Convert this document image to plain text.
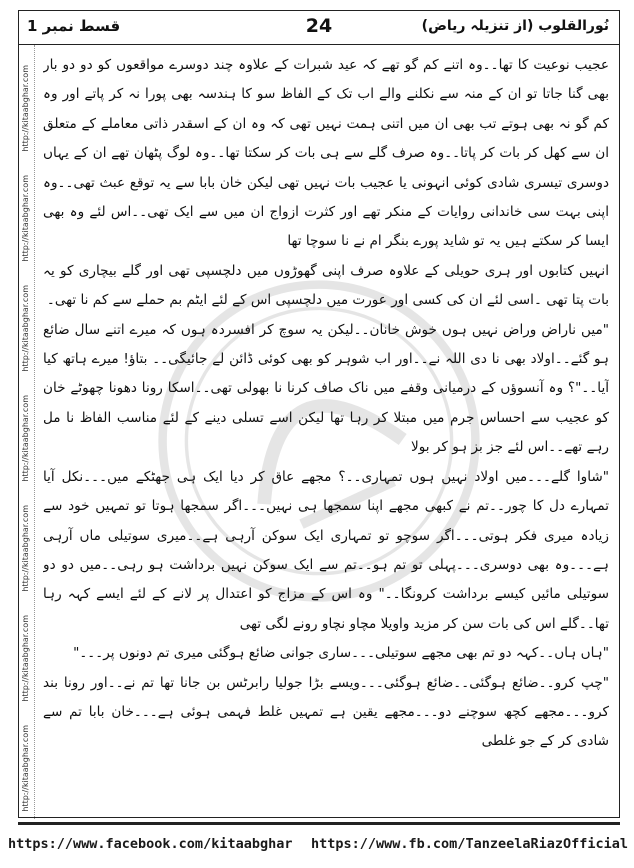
قسط نمبر 1	24	نُورالقلوب (از تنزیلہ ریاض)
http://kitaabghar.com
http://kitaabghar.com
http://kitaabghar.com
http://kitaabghar.com
http://kitaabghar.com
http://kitaabghar.com
http://kitaabghar.com

عجیب نوعیت کا تھا۔۔وہ اتنے کم گو تھے کہ عید شبرات کے علاوہ چند دوسرے مواقعوں کو دو دو بار بھی گنا جاتا تو ان کے منہ سے نکلنے والے اب تک کے الفاظ سو کا ہندسہ بھی پورا نہ کر پاتے اور وہ کم گو نہ بھی ہوتے تب بھی ان میں اتنی ہمت نہیں تھی کہ وہ ان کے اسقدر ذاتی معاملے کے متعلق ان سے کھل کر بات کر پاتا۔۔وہ صرف گلے سے ہی بات کر سکتا تھا۔۔وہ لوگ پٹھان تھے ان کے یہاں دوسری تیسری شادی کوئی انہونی یا عجیب بات نہیں تھی لیکن خان بابا سے یہ توقع عبث تھی۔۔وہ اپنی بہت سی خاندانی روایات کے منکر تھے اور کثرت ازواج ان میں سے ایک تھی۔۔اس لئے وہ بھی ایسا کر سکتے ہیں یہ تو شاید پورے بنگر ام نے نا سوچا تھا

انہیں کتابوں اور ہری حویلی کے علاوہ صرف اپنی گھوڑوں میں دلچسپی تھی اور گلے بیچاری کو یہ بات پتا تھی ۔اسی لئے ان کی کسی اور عورت میں دلچسپی اس کے لئے ایٹم بم حملے سے کم نا تھی۔

"میں ناراض وراض نہیں ہوں خوش خانان۔۔لیکن یہ سوچ کر افسردہ ہوں کہ میرے اتنے سال ضائع ہو گئے۔۔اولاد بھی نا دی اللہ نے۔۔اور اب شوہر کو بھی کوئی ڈائن لے جائیگی۔۔ بتاؤ! میرے ہاتھ کیا آیا۔۔"؟ وہ آنسوؤں کے درمیانی وقفے میں ناک صاف کرنا نا بھولی تھی۔۔اسکا رونا دھونا چھوٹے خان کو عجیب سے احساس جرم میں مبتلا کر رہا تھا لیکن اسے تسلی دینے کے لئے مناسب الفاظ نا مل رہے تھے۔۔اس لئے جز بز ہو کر بولا

"شاوا گلے۔۔۔میں اولاد نہیں ہوں تمہاری۔۔؟ مجھے عاق کر دیا ایک ہی جھٹکے میں۔۔۔نکل آیا تمہارے دل کا چور۔۔تم نے کبھی مجھے اپنا سمجھا ہی نہیں۔۔۔اگر سمجھا ہوتا تو تمہیں خود سے زیادہ میری فکر ہوتی۔۔۔اگر سوچو تو تمہاری ایک سوکن آرہی ہے۔۔میری سوتیلی ماں آرہی ہے۔۔۔وہ بھی دوسری۔۔۔پہلی تو تم ہو۔۔تم سے ایک سوکن نہیں برداشت ہو رہی۔۔میں دو دو سوتیلی مائیں کیسے برداشت کرونگا۔۔" وہ اس کے مزاج کو اعتدال پر لانے کے لئے ایسے کہہ رہا تھا۔۔گلے اس کی بات سن کر مزید واویلا مچاو نچاو رونے لگی تھی

"ہاں ہاں۔۔کہہ دو تم بھی مجھے سوتیلی۔۔۔ساری جوانی ضائع ہوگئی میری تم دونوں پر۔۔۔"

"چپ کرو۔۔ضائع ہوگئی۔۔ضائع ہوگئی۔۔۔ویسے بڑا جولیا رابرٹس بن جانا تھا تم نے۔۔اور رونا بند کرو۔۔۔مجھے کچھ سوچنے دو۔۔۔مجھے یقین ہے تمہیں غلط فہمی ہوئی ہے۔۔۔خان بابا تم سے شادی کر کے جو غلطی

https://www.facebook.com/kitaabghar https://www.fb.com/TanzeelaRiazOfficial
